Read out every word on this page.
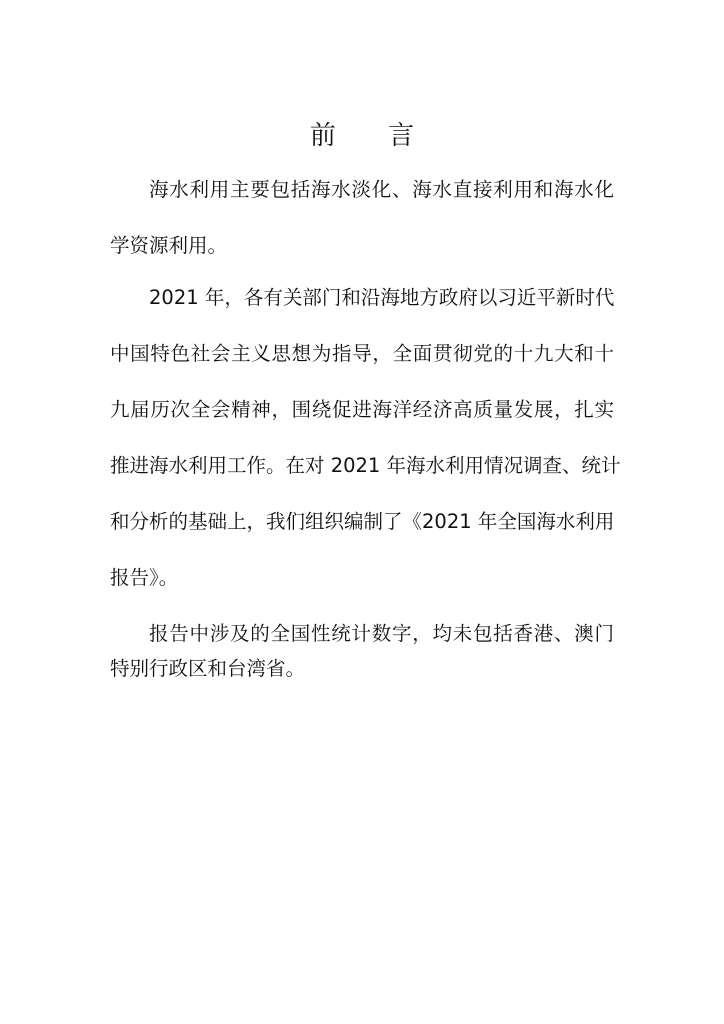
前 言
海水利用主要包括海水淡化、海水直接利用和海水化
学资源利用。
2021 年，各有关部门和沿海地方政府以习近平新时代
中国特色社会主义思想为指导，全面贯彻党的十九大和十
九届历次全会精神，围绕促进海洋经济高质量发展，扎实
推进海水利用工作。在对 2021 年海水利用情况调查、统计
和分析的基础上，我们组织编制了《2021 年全国海水利用
报告》。
报告中涉及的全国性统计数字，均未包括香港、澳门
特别行政区和台湾省。
